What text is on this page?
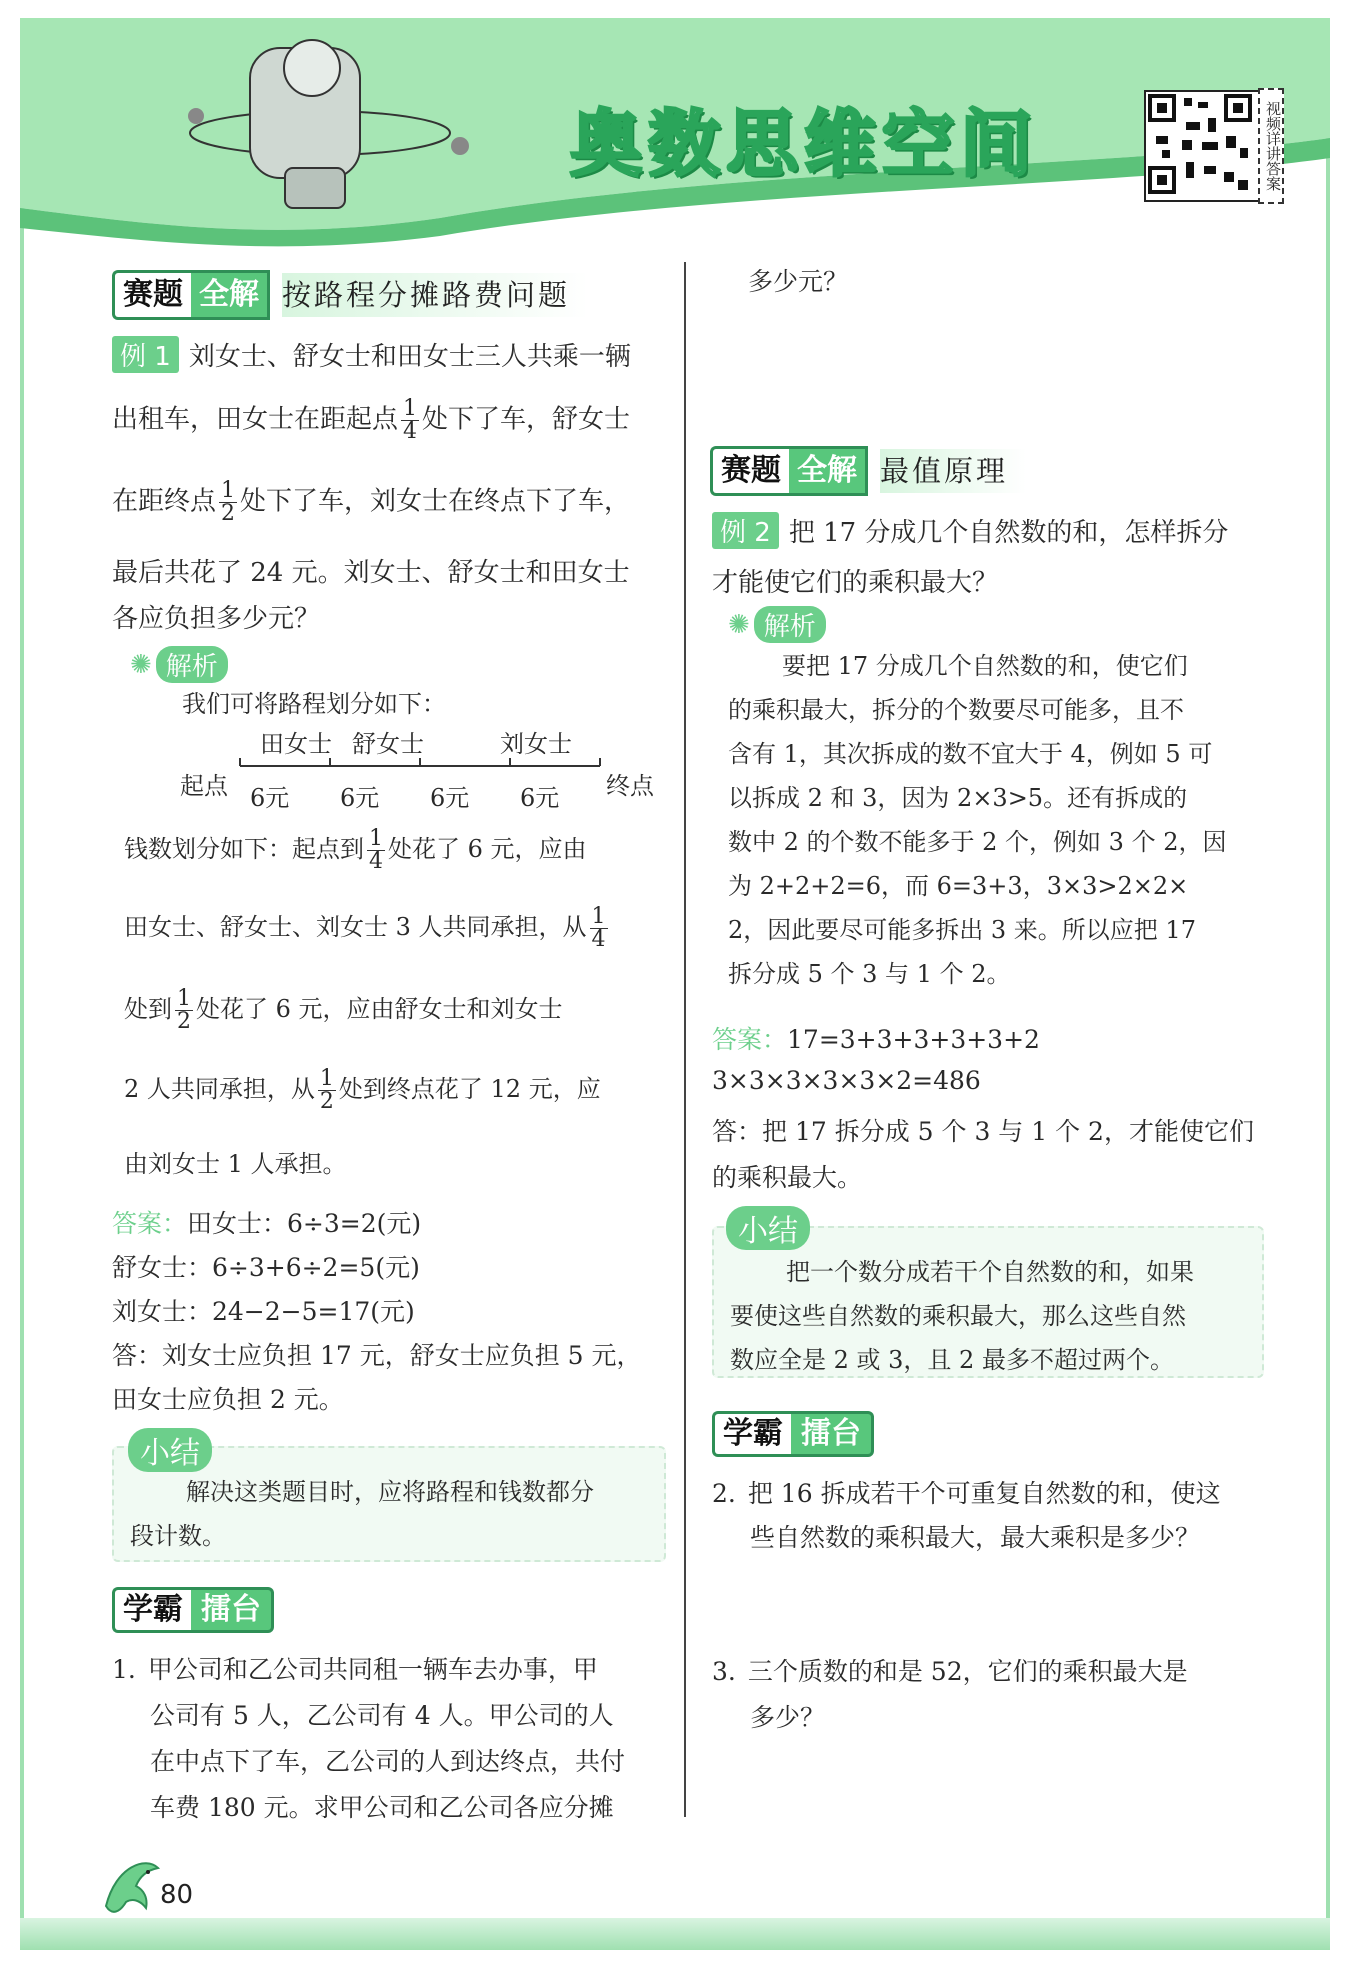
奥数思维空间	视频详讲答案
赛题 全解 按路程分摊路费问题
例 1 刘女士、舒女士和田女士三人共乘一辆
出租车，田女士在距起点 $\frac{1}{4}$ 处下了车，舒女士
在距终点 $\frac{1}{2}$ 处下了车，刘女士在终点下了车，
最后共花了 24 元。刘女士、舒女士和田女士
各应负担多少元？
✺ 解析
我们可将路程划分如下：
田女士 舒女士	刘女士
起点 6元 6元 6元 6元 终点
钱数划分如下：起点到 $\frac{1}{4}$ 处花了 6 元，应由
田女士、舒女士、刘女士 3 人共同承担，从 $\frac{1}{4}$
处到 $\frac{1}{2}$ 处花了 6 元，应由舒女士和刘女士
2 人共同承担，从 $\frac{1}{2}$ 处到终点花了 12 元，应
由刘女士 1 人承担。
答案：田女士：6÷3=2(元)
舒女士：6÷3+6÷2=5(元)
刘女士：24−2−5=17(元)
答：刘女士应负担 17 元，舒女士应负担 5 元，
田女士应负担 2 元。
小结
解决这类题目时，应将路程和钱数都分
段计数。
学霸 擂台
1. 甲公司和乙公司共同租一辆车去办事，甲
公司有 5 人，乙公司有 4 人。甲公司的人
在中点下了车，乙公司的人到达终点，共付
车费 180 元。求甲公司和乙公司各应分摊
多少元？
赛题 全解 最值原理
例 2 把 17 分成几个自然数的和，怎样拆分
才能使它们的乘积最大？
✺ 解析
要把 17 分成几个自然数的和，使它们
的乘积最大，拆分的个数要尽可能多，且不
含有 1，其次拆成的数不宜大于 4，例如 5 可
以拆成 2 和 3，因为 2×3>5。还有拆成的
数中 2 的个数不能多于 2 个，例如 3 个 2，因
为 2+2+2=6，而 6=3+3，3×3>2×2×
2，因此要尽可能多拆出 3 来。所以应把 17
拆分成 5 个 3 与 1 个 2。
答案：17=3+3+3+3+3+2
3×3×3×3×3×2=486
答：把 17 拆分成 5 个 3 与 1 个 2，才能使它们
的乘积最大。
小结
把一个数分成若干个自然数的和，如果
要使这些自然数的乘积最大，那么这些自然
数应全是 2 或 3，且 2 最多不超过两个。
学霸 擂台
2. 把 16 拆成若干个可重复自然数的和，使这
些自然数的乘积最大，最大乘积是多少？
3. 三个质数的和是 52，它们的乘积最大是
多少？
80
